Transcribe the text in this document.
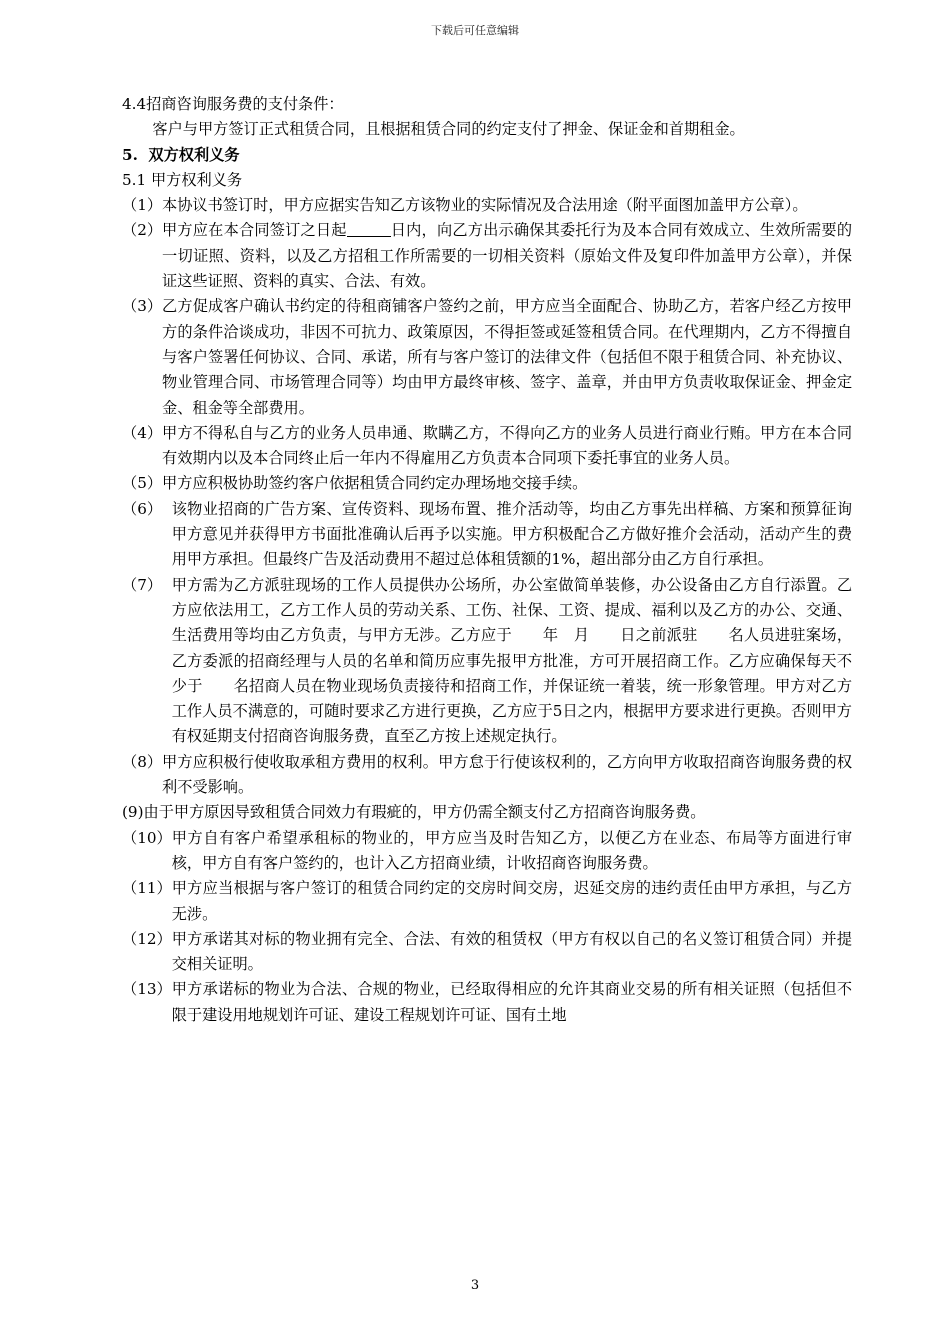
下载后可任意编辑

4.4招商咨询服务费的支付条件：

客户与甲方签订正式租赁合同，且根据租赁合同的约定支付了押金、保证金和首期租金。

5.  双方权利义务

5.1 甲方权利义务

（1） 本协议书签订时，甲方应据实告知乙方该物业的实际情况及合法用途（附平面图加盖甲方公章）。
（2） 甲方应在本合同签订之日起	日内，向乙方出示确保其委托行为及本合同有效成立、生效所需要的一切证照、资料，以及乙方招租工作所需要的一切相关资料（原始文件及复印件加盖甲方公章），并保证这些证照、资料的真实、合法、有效。
（3） 乙方促成客户确认书约定的待租商铺客户签约之前，甲方应当全面配合、协助乙方，若客户经乙方按甲方的条件洽谈成功，非因不可抗力、政策原因，不得拒签或延签租赁合同。在代理期内，乙方不得擅自与客户签署任何协议、合同、承诺，所有与客户签订的法律文件（包括但不限于租赁合同、补充协议、物业管理合同、市场管理合同等）均由甲方最终审核、签字、盖章，并由甲方负责收取保证金、押金定金、租金等全部费用。
（4） 甲方不得私自与乙方的业务人员串通、欺瞒乙方，不得向乙方的业务人员进行商业行贿。甲方在本合同有效期内以及本合同终止后一年内不得雇用乙方负责本合同项下委托事宜的业务人员。
（5） 甲方应积极协助签约客户依据租赁合同约定办理场地交接手续。
（6） 该物业招商的广告方案、宣传资料、现场布置、推介活动等，均由乙方事先出样稿、方案和预算征询甲方意见并获得甲方书面批准确认后再予以实施。甲方积极配合乙方做好推介会活动，活动产生的费用甲方承担。但最终广告及活动费用不超过总体租赁额的1%，超出部分由乙方自行承担。
（7） 甲方需为乙方派驻现场的工作人员提供办公场所，办公室做简单装修，办公设备由乙方自行添置。乙方应依法用工，乙方工作人员的劳动关系、工伤、社保、工资、提成、福利以及乙方的办公、交通、生活费用等均由乙方负责，与甲方无涉。乙方应于　　年　月　　日之前派驻　　名人员进驻案场，乙方委派的招商经理与人员的名单和简历应事先报甲方批准，方可开展招商工作。乙方应确保每天不少于　　名招商人员在物业现场负责接待和招商工作，并保证统一着装，统一形象管理。甲方对乙方工作人员不满意的，可随时要求乙方进行更换，乙方应于5日之内，根据甲方要求进行更换。否则甲方有权延期支付招商咨询服务费，直至乙方按上述规定执行。
（8） 甲方应积极行使收取承租方费用的权利。甲方怠于行使该权利的，乙方向甲方收取招商咨询服务费的权利不受影响。
(9) 由于甲方原因导致租赁合同效力有瑕疵的，甲方仍需全额支付乙方招商咨询服务费。
（10） 甲方自有客户希望承租标的物业的，甲方应当及时告知乙方，以便乙方在业态、布局等方面进行审核，甲方自有客户签约的，也计入乙方招商业绩，计收招商咨询服务费。
（11） 甲方应当根据与客户签订的租赁合同约定的交房时间交房，迟延交房的违约责任由甲方承担，与乙方无涉。
（12） 甲方承诺其对标的物业拥有完全、合法、有效的租赁权（甲方有权以自己的名义签订租赁合同）并提交相关证明。
（13） 甲方承诺标的物业为合法、合规的物业，已经取得相应的允许其商业交易的所有相关证照（包括但不限于建设用地规划许可证、建设工程规划许可证、国有土地
3
